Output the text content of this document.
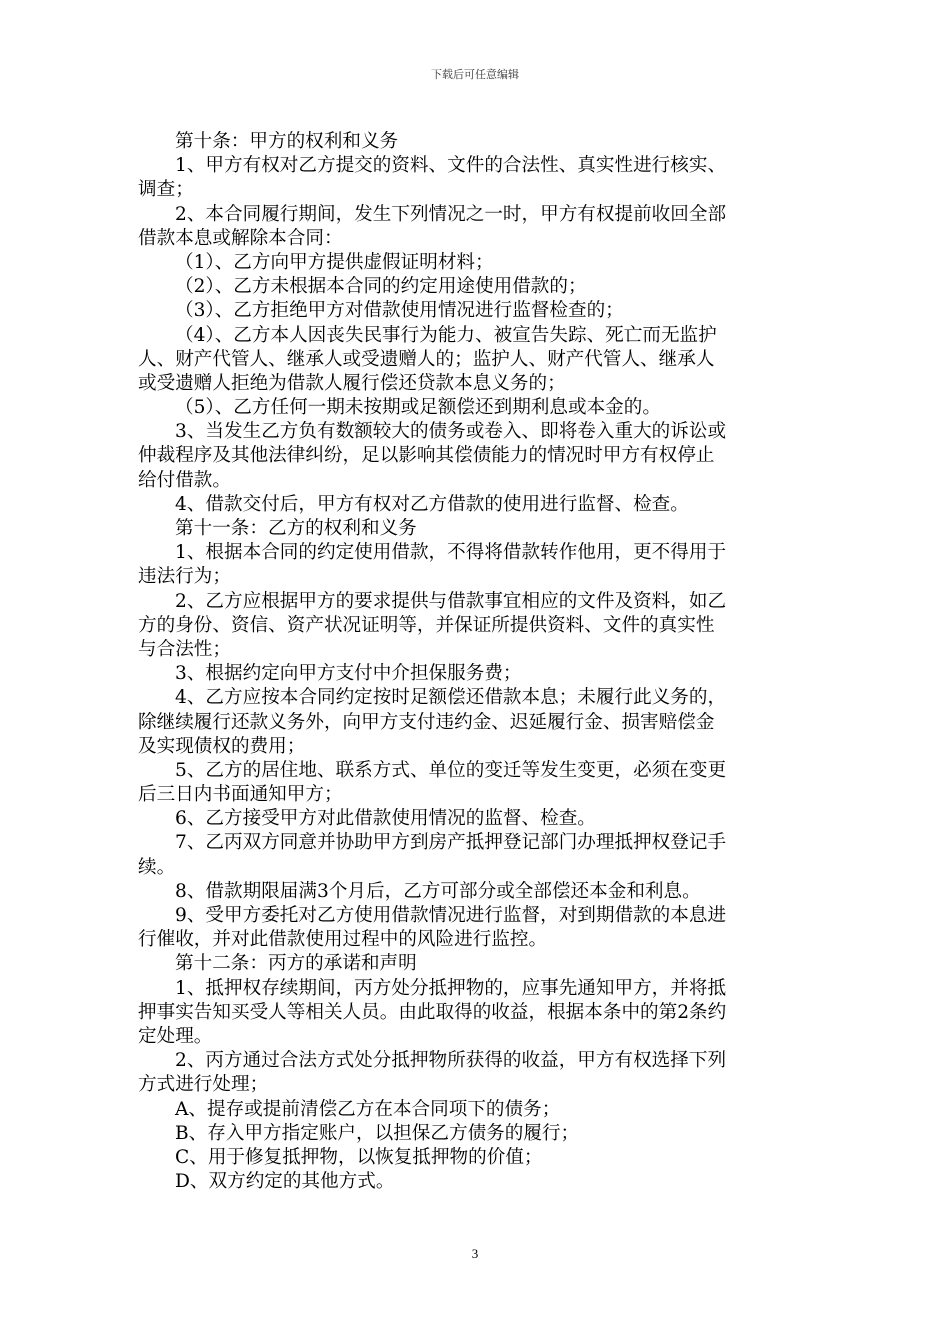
下载后可任意编辑
第十条：甲方的权利和义务
1、甲方有权对乙方提交的资料、文件的合法性、真实性进行核实、
调查；
2、本合同履行期间，发生下列情况之一时，甲方有权提前收回全部
借款本息或解除本合同：
（1）、乙方向甲方提供虚假证明材料；
（2）、乙方未根据本合同的约定用途使用借款的；
（3）、乙方拒绝甲方对借款使用情况进行监督检查的；
（4）、乙方本人因丧失民事行为能力、被宣告失踪、死亡而无监护
人、财产代管人、继承人或受遗赠人的；监护人、财产代管人、继承人
或受遗赠人拒绝为借款人履行偿还贷款本息义务的；
（5）、乙方任何一期未按期或足额偿还到期利息或本金的。
3、当发生乙方负有数额较大的债务或卷入、即将卷入重大的诉讼或
仲裁程序及其他法律纠纷，足以影响其偿债能力的情况时甲方有权停止
给付借款。
4、借款交付后，甲方有权对乙方借款的使用进行监督、检查。
第十一条：乙方的权利和义务
1、根据本合同的约定使用借款，不得将借款转作他用，更不得用于
违法行为；
2、乙方应根据甲方的要求提供与借款事宜相应的文件及资料，如乙
方的身份、资信、资产状况证明等，并保证所提供资料、文件的真实性
与合法性；
3、根据约定向甲方支付中介担保服务费；
4、乙方应按本合同约定按时足额偿还借款本息；未履行此义务的，
除继续履行还款义务外，向甲方支付违约金、迟延履行金、损害赔偿金
及实现债权的费用；
5、乙方的居住地、联系方式、单位的变迁等发生变更，必须在变更
后三日内书面通知甲方；
6、乙方接受甲方对此借款使用情况的监督、检查。
7、乙丙双方同意并协助甲方到房产抵押登记部门办理抵押权登记手
续。
8、借款期限届满3个月后，乙方可部分或全部偿还本金和利息。
9、受甲方委托对乙方使用借款情况进行监督，对到期借款的本息进
行催收，并对此借款使用过程中的风险进行监控。
第十二条：丙方的承诺和声明
1、抵押权存续期间，丙方处分抵押物的，应事先通知甲方，并将抵
押事实告知买受人等相关人员。由此取得的收益，根据本条中的第2条约
定处理。
2、丙方通过合法方式处分抵押物所获得的收益，甲方有权选择下列
方式进行处理；
A、提存或提前清偿乙方在本合同项下的债务；
B、存入甲方指定账户，以担保乙方债务的履行；
C、用于修复抵押物，以恢复抵押物的价值；
D、双方约定的其他方式。
3
